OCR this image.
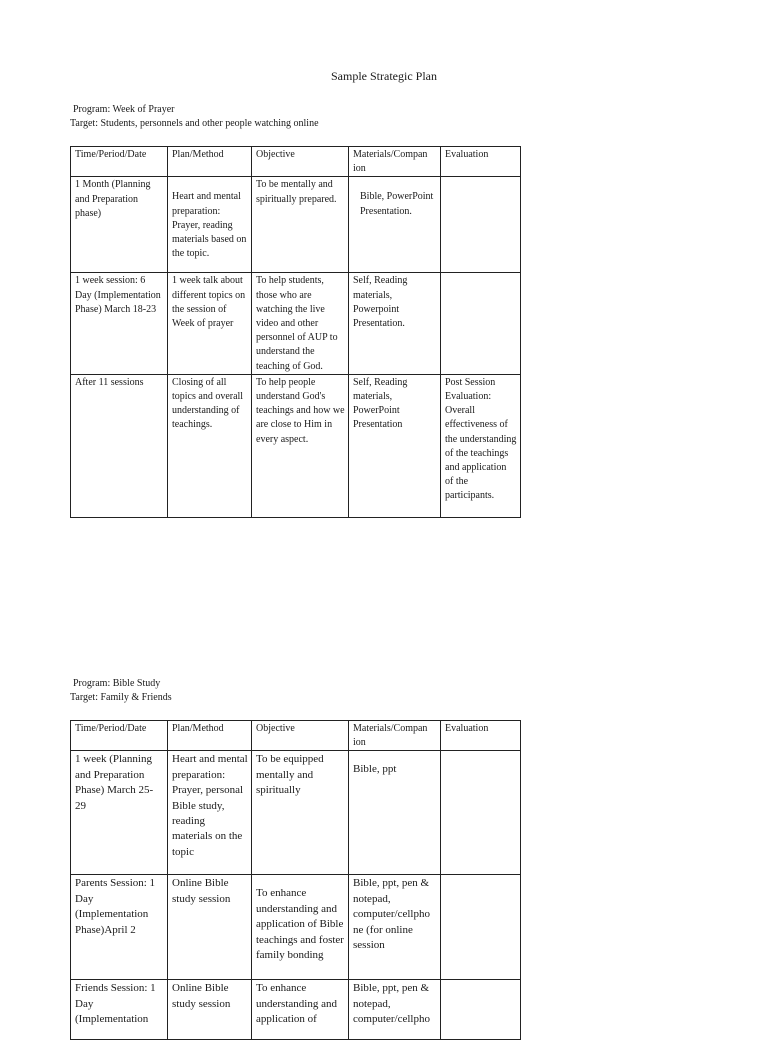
Sample Strategic Plan
Program: Week of Prayer
Target: Students, personnels and other people watching online
Time/Period/Date	Plan/Method	Objective	Materials/Compan ion	Evaluation
1 Month (Planning and Preparation phase)	Heart and mental preparation: Prayer, reading materials based on the topic.	To be mentally and spiritually prepared.	Bible, PowerPoint Presentation.	

1 week session: 6 Day (Implementation Phase) March 18-23	1 week talk about different topics on the session of Week of prayer	To help students, those who are watching the live video and other personnel of AUP to understand the teaching of God.	Self, Reading materials, Powerpoint Presentation.	
After 11 sessions	Closing of all topics and overall understanding of teachings.	To help people understand God's teachings and how we are close to Him in every aspect.	Self, Reading materials, PowerPoint Presentation	Post Session Evaluation: Overall effectiveness of the understanding of the teachings and application of the participants.
Program: Bible Study
Target: Family & Friends
Time/Period/Date	Plan/Method	Objective	Materials/Compan ion	Evaluation
1 week (Planning and Preparation Phase) March 25-29	Heart and mental preparation: Prayer, personal Bible study, reading materials on the topic	To be equipped mentally and spiritually	Bible, ppt	

Parents Session: 1 Day (Implementation Phase)April 2	Online Bible study session	To enhance understanding and application of Bible teachings and foster family bonding	Bible, ppt, pen & notepad, computer/cellpho ne (for online session	
Friends Session: 1 Day (Implementation	Online Bible study session	To enhance understanding and application of	Bible, ppt, pen & notepad, computer/cellpho	
